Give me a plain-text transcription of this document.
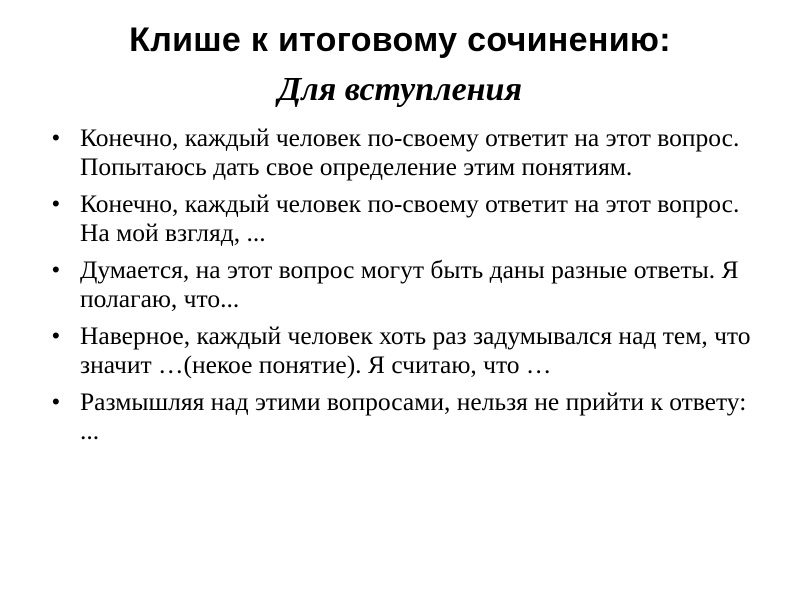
Клише к итоговому сочинению:
Для вступления
• Конечно, каждый человек по-своему ответит на этот вопрос. Попытаюсь дать свое определение этим понятиям.
• Конечно, каждый человек по-своему ответит на этот вопрос. На мой взгляд, ...
• Думается, на этот вопрос могут быть даны разные ответы. Я полагаю, что...
• Наверное, каждый человек хоть раз задумывался над тем, что значит …(некое понятие). Я считаю, что …
• Размышляя над этими вопросами, нельзя не прийти к ответу: ...
